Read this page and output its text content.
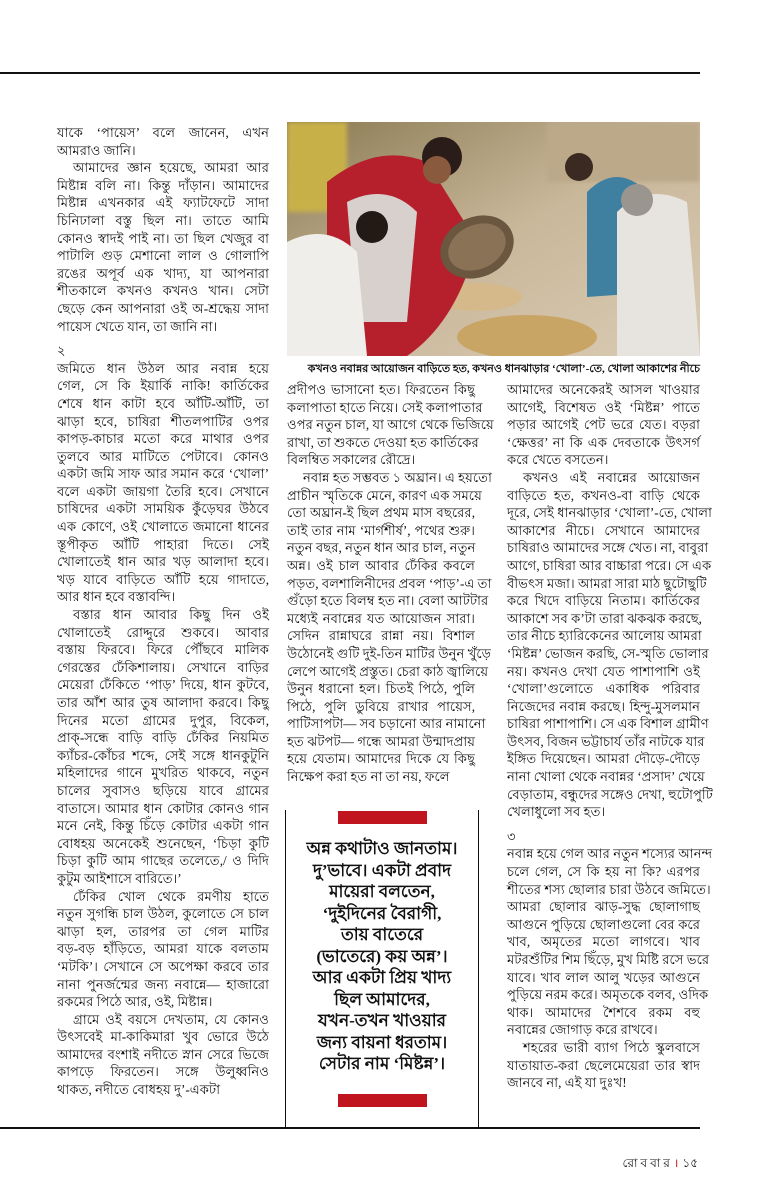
যাকে ‘পায়েস’ বলে জানেন, এখন
আমরাও জানি।
আমাদের জ্ঞান হয়েছে, আমরা আর
মিষ্টান্ন বলি না। কিন্তু দাঁড়ান। আমাদের
মিষ্টান্ন এখনকার এই ফ্যাটফেটে সাদা
চিনিঢালা বস্তু ছিল না। তাতে আমি
কোনও স্বাদই পাই না। তা ছিল খেজুর বা
পাটালি গুড় মেশানো লাল ও গোলাপি
রঙের অপূর্ব এক খাদ্য, যা আপনারা
শীতকালে কখনও কখনও খান। সেটা
ছেড়ে কেন আপনারা ওই অ-শ্রদ্ধেয় সাদা
পায়েস খেতে যান, তা জানি না।
২
জমিতে ধান উঠল আর নবান্ন হয়ে
গেল, সে কি ইয়ার্কি নাকি! কার্তিকের
শেষে ধান কাটা হবে আঁটি-আঁটি, তা
ঝাড়া হবে, চাষিরা শীতলপাটির ওপর
কাপড়-কাচার মতো করে মাথার ওপর
তুলবে আর মাটিতে পেটাবে। কোনও
একটা জমি সাফ আর সমান করে ‘খোলা’
বলে একটা জায়গা তৈরি হবে। সেখানে
চাষিদের একটা সাময়িক কুঁড়েঘর উঠবে
এক কোণে, ওই খোলাতে জমানো ধানের
স্তূপীকৃত আঁটি পাহারা দিতে। সেই
খোলাতেই ধান আর খড় আলাদা হবে।
খড় যাবে বাড়িতে আঁটি হয়ে গাদাতে,
আর ধান হবে বস্তাবন্দি।
বস্তার ধান আবার কিছু দিন ওই
খোলাতেই রোদ্দুরে শুকবে। আবার
বস্তায় ফিরবে। ফিরে পৌঁছবে মালিক
গেরস্তের ঢেঁকিশালায়। সেখানে বাড়ির
মেয়েরা ঢেঁকিতে ‘পাড়’ দিয়ে, ধান কুটবে,
তার আঁশ আর তুষ আলাদা করবে। কিছু
দিনের মতো গ্রামের দুপুর, বিকেল,
প্রাক্-সন্ধে বাড়ি বাড়ি ঢেঁকির নিয়মিত
ক্যাঁচর-কোঁচর শব্দে, সেই সঙ্গে ধানকুটুনি
মহিলাদের গানে মুখরিত থাকবে, নতুন
চালের সুবাসও ছড়িয়ে যাবে গ্রামের
বাতাসে। আমার ধান কোটার কোনও গান
মনে নেই, কিন্তু চিঁড়ে কোটার একটা গান
বোধহয় অনেকেই শুনেছেন, ‘চিড়া কুটি
চিড়া কুটি আম গাছের তলেতে,/ ও দিদি
কুটুম আইশাসে বারিতে।’
ঢেঁকির খোল থেকে রমণীয় হাতে
নতুন সুগন্ধি চাল উঠল, কুলোতে সে চাল
ঝাড়া হল, তারপর তা গেল মাটির
বড়-বড় হাঁড়িতে, আমরা যাকে বলতাম
‘মটকি’। সেখানে সে অপেক্ষা করবে তার
নানা পুনর্জন্মের জন্য নবান্নে— হাজারো
রকমের পিঠে আর, ওই, মিষ্টান্ন।
গ্রামে ওই বয়সে দেখতাম, যে কোনও
উৎসবেই মা-কাকিমারা খুব ভোরে উঠে
আমাদের বংশাই নদীতে স্নান সেরে ভিজে
কাপড়ে ফিরতেন। সঙ্গে উলুধ্বনিও
থাকত, নদীতে বোধহয় দু’-একটা
কখনও নবান্নর আয়োজন বাড়িতে হত, কখনও ধানঝাড়ার ‘খোলা’-তে, খোলা আকাশের নীচে
প্রদীপও ভাসানো হত। ফিরতেন কিছু
কলাপাতা হাতে নিয়ে। সেই কলাপাতার
ওপর নতুন চাল, যা আগে থেকে ভিজিয়ে
রাখা, তা শুকতে দেওয়া হত কার্তিকের
বিলম্বিত সকালের রৌদ্রে।
নবান্ন হত সম্ভবত ১ অঘ্রান। এ হয়তো
প্রাচীন স্মৃতিকে মেনে, কারণ এক সময়ে
তো অঘ্রান-ই ছিল প্রথম মাস বছরের,
তাই তার নাম ‘মার্গশীর্ষ’, পথের শুরু।
নতুন বছর, নতুন ধান আর চাল, নতুন
অন্ন। ওই চাল আবার ঢেঁকির কবলে
পড়ত, বলশালিনীদের প্রবল ‘পাড়’-এ তা
গুঁড়ো হতে বিলম্ব হত না। বেলা আটটার
মধ্যেই নবান্নের যত আয়োজন সারা।
সেদিন রান্নাঘরে রান্না নয়। বিশাল
উঠোনেই গুটি দুই-তিন মাটির উনুন খুঁড়ে
লেপে আগেই প্রস্তুত। চেরা কাঠ জ্বালিয়ে
উনুন ধরানো হল। চিতই পিঠে, পুলি
পিঠে, পুলি ডুবিয়ে রাখার পায়েস,
পাটিসাপটা— সব চড়ানো আর নামানো
হত ঝটপট— গন্ধে আমরা উন্মাদপ্রায়
হয়ে যেতাম। আমাদের দিকে যে কিছু
নিক্ষেপ করা হত না তা নয়, ফলে
অন্ন কথাটাও জানতাম।
দু’ভাবে। একটা প্রবাদ
মায়েরা বলতেন,
‘দুইদিনের বৈরাগী,
তায় বাতেরে
(ভাতেরে) কয় অন্ন’।
আর একটা প্রিয় খাদ্য
ছিল আমাদের,
যখন-তখন খাওয়ার
জন্য বায়না ধরতাম।
সেটার নাম ‘মিষ্টন্ন’।
আমাদের অনেকেরই আসল খাওয়ার
আগেই, বিশেষত ওই ‘মিষ্টন্ন’ পাতে
পড়ার আগেই পেট ভরে যেত। বড়রা
‘ক্ষেত্তর’ না কি এক দেবতাকে উৎসর্গ
করে খেতে বসতেন।
কখনও এই নবান্নের আয়োজন
বাড়িতে হত, কখনও-বা বাড়ি থেকে
দূরে, সেই ধানঝাড়ার ‘খোলা’-তে, খোলা
আকাশের নীচে। সেখানে আমাদের
চাষিরাও আমাদের সঙ্গে খেত। না, বাবুরা
আগে, চাষিরা আর বাচ্চারা পরে। সে এক
বীভৎস মজা। আমরা সারা মাঠ ছুটোছুটি
করে খিদে বাড়িয়ে নিতাম। কার্তিকের
আকাশে সব ক’টা তারা ঝকঝক করছে,
তার নীচে হ্যারিকেনের আলোয় আমরা
‘মিষ্টন্ন’ ভোজন করছি, সে-স্মৃতি ভোলার
নয়। কখনও দেখা যেত পাশাপাশি ওই
‘খোলা’গুলোতে একাধিক পরিবার
নিজেদের নবান্ন করছে। হিন্দু-মুসলমান
চাষিরা পাশাপাশি। সে এক বিশাল গ্রামীণ
উৎসব, বিজন ভট্টাচার্য তাঁর নাটকে যার
ইঙ্গিত দিয়েছেন। আমরা দৌড়ে-দৌড়ে
নানা খোলা থেকে নবান্নর ‘প্রসাদ’ খেয়ে
বেড়াতাম, বন্ধুদের সঙ্গেও দেখা, হুটোপুটি
খেলাধুলো সব হত।
৩
নবান্ন হয়ে গেল আর নতুন শস্যের আনন্দ
চলে গেল, সে কি হয় না কি? এরপর
শীতের শস্য ছোলার চারা উঠবে জমিতে।
আমরা ছোলার ঝাড়-সুদ্ধ ছোলাগাছ
আগুনে পুড়িয়ে ছোলাগুলো বের করে
খাব, অমৃতের মতো লাগবে। খাব
মটরশুঁটির শিম ছিঁড়ে, মুখ মিষ্টি রসে ভরে
যাবে। খাব লাল আলু খড়ের আগুনে
পুড়িয়ে নরম করে। অমৃতকে বলব, ওদিক
থাক। আমাদের শৈশবে রকম বহু
নবান্নের জোগাড় করে রাখবে।
শহরের ভারী ব্যাগ পিঠে স্কুলবাসে
যাতায়াত-করা ছেলেমেয়েরা তার স্বাদ
জানবে না, এই যা দুঃখ!
রো ব বা র । ১৫
